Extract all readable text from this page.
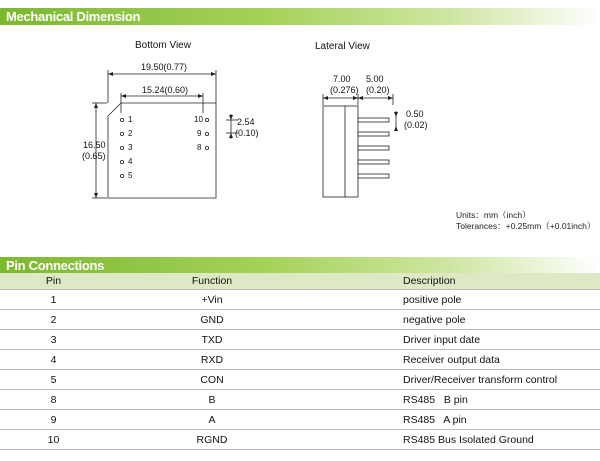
Mechanical Dimension
Bottom View	Lateral View
19.50(0.77)
15.24(0.60)
16.50
(0.65)
2.54
(0.10)
1
2
3
4
5
10
9
8
7.00
(0.276)
5.00
(0.20)
0.50
(0.02)
Units：mm（inch）
Tolerances：+0.25mm（+0.01inch）
Pin Connections
Pin	Function	Description
1	+Vin	positive pole
2	GND	negative pole
3	TXD	Driver input date
4	RXD	Receiver output data
5	CON	Driver/Receiver transform control
8	B	RS485   B pin
9	A	RS485   A pin
10	RGND	RS485 Bus Isolated Ground
